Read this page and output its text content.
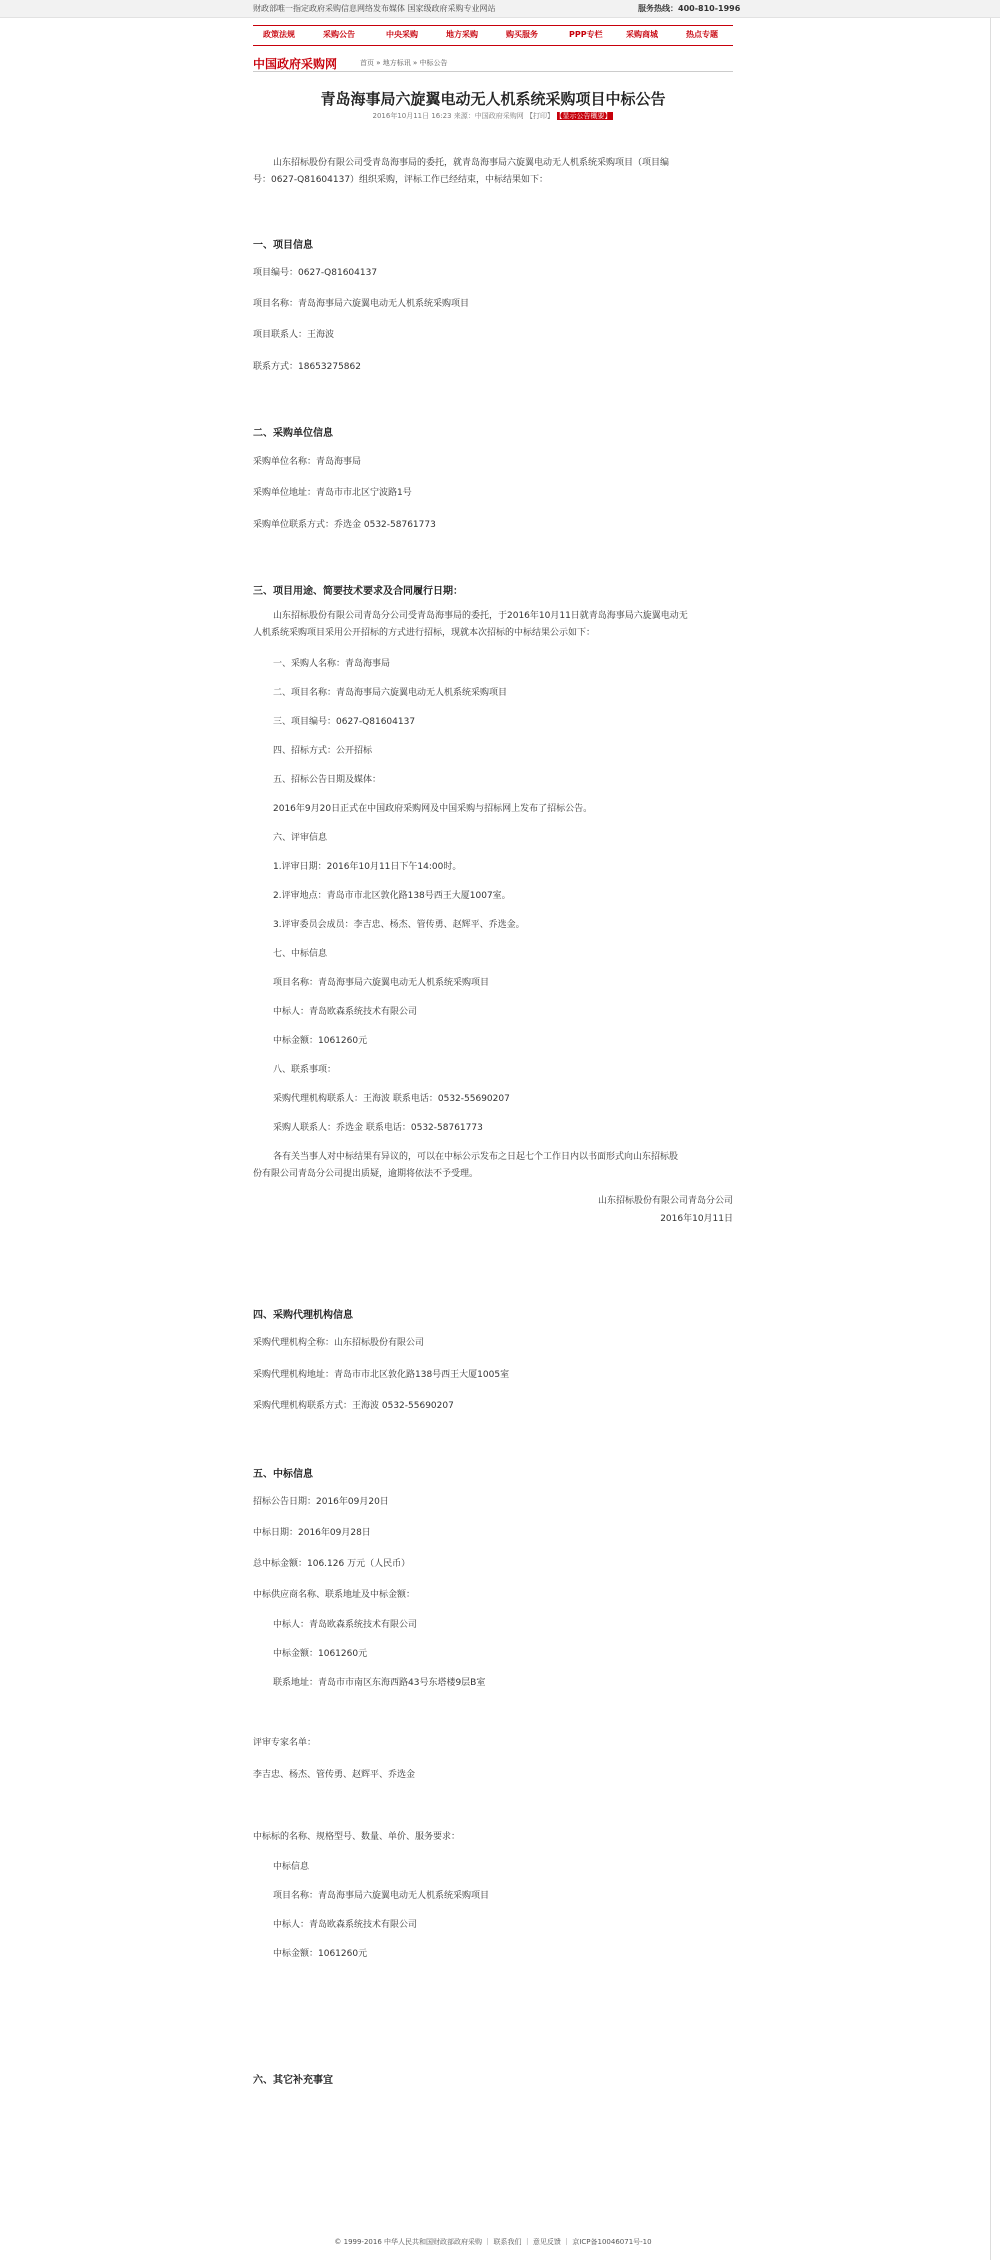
财政部唯一指定政府采购信息网络发布媒体 国家级政府采购专业网站	服务热线：400-810-1996
政策法规	采购公告	中央采购	地方采购	购买服务	PPP专栏	采购商城	热点专题
中国政府采购网	首页 » 地方标讯 » 中标公告
青岛海事局六旋翼电动无人机系统采购项目中标公告
2016年10月11日 16:23 来源：中国政府采购网 【打印】 【显示公告概要】
山东招标股份有限公司受青岛海事局的委托，就青岛海事局六旋翼电动无人机系统采购项目（项目编
号：0627-Q81604137）组织采购，评标工作已经结束，中标结果如下：
一、项目信息
项目编号：0627-Q81604137
项目名称：青岛海事局六旋翼电动无人机系统采购项目
项目联系人：王海波
联系方式：18653275862
二、采购单位信息
采购单位名称：青岛海事局
采购单位地址：青岛市市北区宁波路1号
采购单位联系方式：乔选金 0532-58761773
三、项目用途、简要技术要求及合同履行日期：
山东招标股份有限公司青岛分公司受青岛海事局的委托，于2016年10月11日就青岛海事局六旋翼电动无
人机系统采购项目采用公开招标的方式进行招标，现就本次招标的中标结果公示如下：
一、采购人名称：青岛海事局
二、项目名称：青岛海事局六旋翼电动无人机系统采购项目
三、项目编号：0627-Q81604137
四、招标方式：公开招标
五、招标公告日期及媒体：
2016年9月20日正式在中国政府采购网及中国采购与招标网上发布了招标公告。
六、评审信息
1.评审日期：2016年10月11日下午14:00时。
2.评审地点：青岛市市北区敦化路138号西王大厦1007室。
3.评审委员会成员：李吉忠、杨杰、管传勇、赵辉平、乔选金。
七、中标信息
项目名称：青岛海事局六旋翼电动无人机系统采购项目
中标人：青岛欧森系统技术有限公司
中标金额：1061260元
八、联系事项：
采购代理机构联系人：王海波 联系电话：0532-55690207
采购人联系人：乔选金 联系电话：0532-58761773
各有关当事人对中标结果有异议的，可以在中标公示发布之日起七个工作日内以书面形式向山东招标股
份有限公司青岛分公司提出质疑，逾期将依法不予受理。
山东招标股份有限公司青岛分公司
2016年10月11日
四、采购代理机构信息
采购代理机构全称：山东招标股份有限公司
采购代理机构地址：青岛市市北区敦化路138号西王大厦1005室
采购代理机构联系方式：王海波 0532-55690207
五、中标信息
招标公告日期：2016年09月20日
中标日期：2016年09月28日
总中标金额：106.126 万元（人民币）
中标供应商名称、联系地址及中标金额：
中标人：青岛欧森系统技术有限公司
中标金额：1061260元
联系地址：青岛市市南区东海西路43号东塔楼9层B室
评审专家名单：
李吉忠、杨杰、管传勇、赵辉平、乔选金
中标标的名称、规格型号、数量、单价、服务要求：
中标信息
项目名称：青岛海事局六旋翼电动无人机系统采购项目
中标人：青岛欧森系统技术有限公司
中标金额：1061260元
六、其它补充事宜
© 1999-2016 中华人民共和国财政部政府采购 ｜ 联系我们 ｜ 意见反馈 ｜ 京ICP备10046071号-10
